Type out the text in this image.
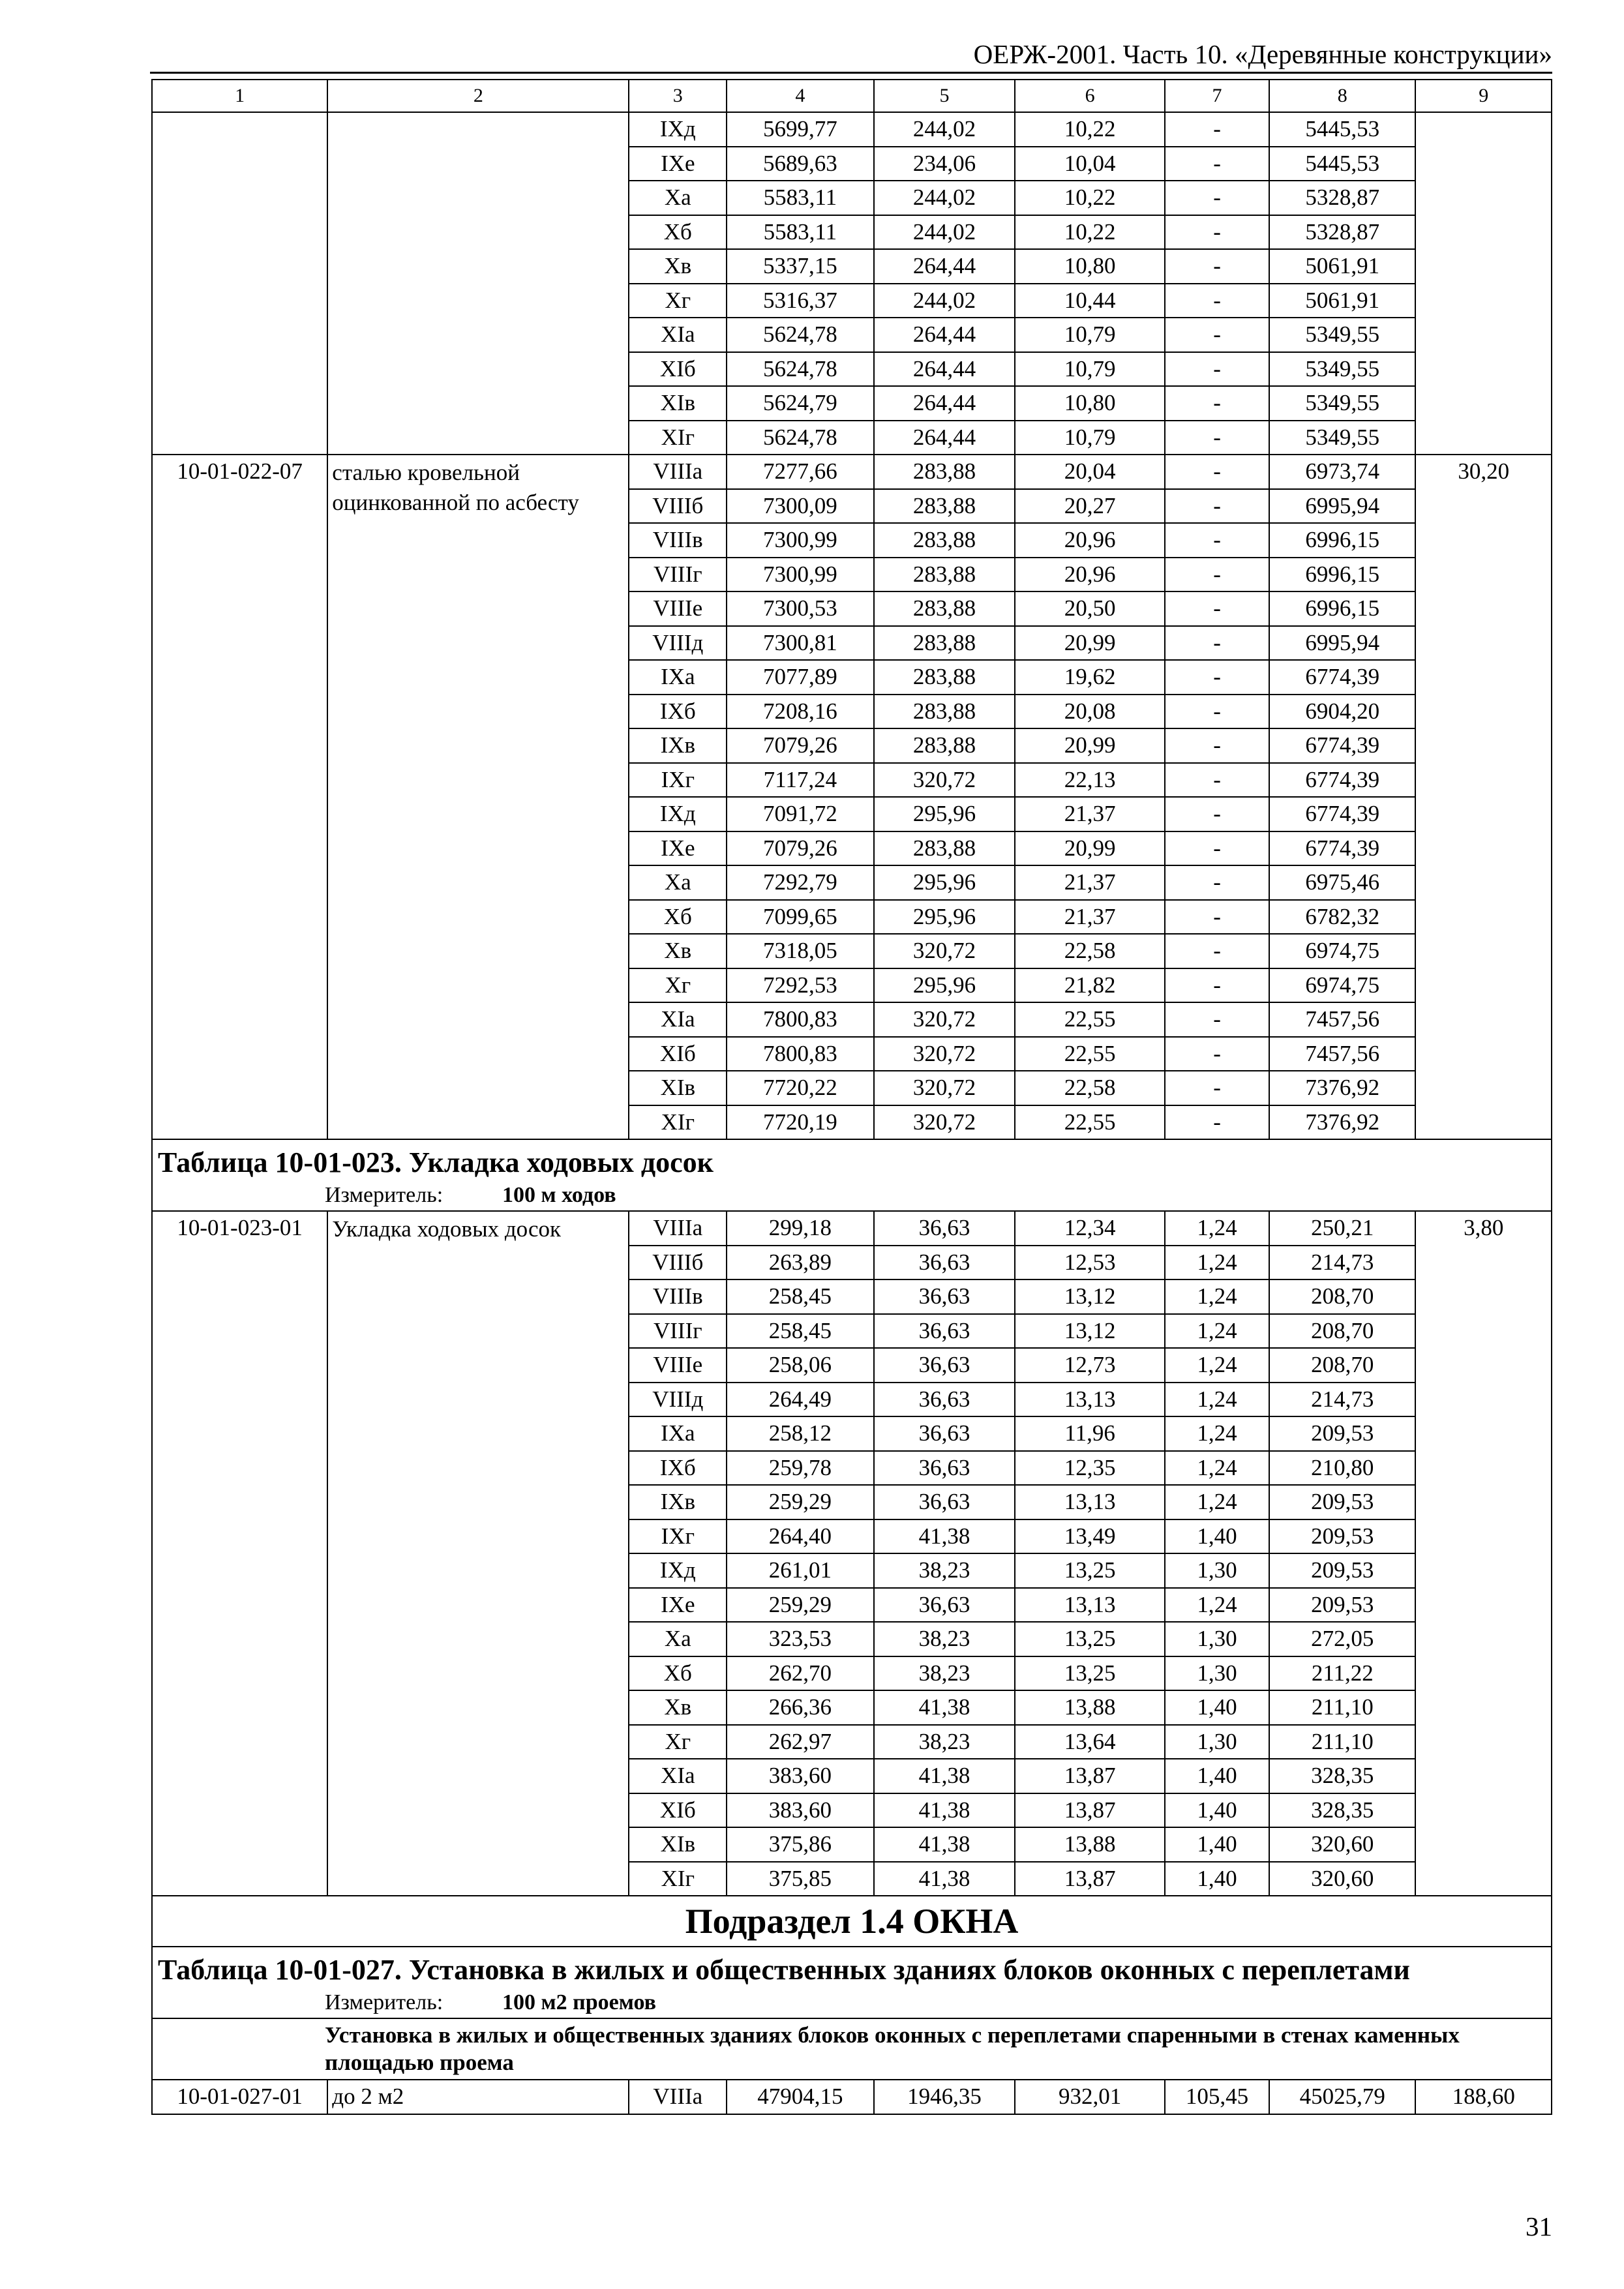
ОЕРЖ-2001. Часть 10. «Деревянные конструкции»
1	2	3	4	5	6	7	8	9
		IXд	5699,77	244,02	10,22	-	5445,53	
		IXе	5689,63	234,06	10,04	-	5445,53	
		Xа	5583,11	244,02	10,22	-	5328,87	
		Xб	5583,11	244,02	10,22	-	5328,87	
		Xв	5337,15	264,44	10,80	-	5061,91	
		Xг	5316,37	244,02	10,44	-	5061,91	
		XIа	5624,78	264,44	10,79	-	5349,55	
		XIб	5624,78	264,44	10,79	-	5349,55	
		XIв	5624,79	264,44	10,80	-	5349,55	
		XIг	5624,78	264,44	10,79	-	5349,55	
10-01-022-07	сталью кровельной оцинкованной по асбесту	VIIIа	7277,66	283,88	20,04	-	6973,74	30,20
		VIIIб	7300,09	283,88	20,27	-	6995,94	
		VIIIв	7300,99	283,88	20,96	-	6996,15	
		VIIIг	7300,99	283,88	20,96	-	6996,15	
		VIIIе	7300,53	283,88	20,50	-	6996,15	
		VIIIд	7300,81	283,88	20,99	-	6995,94	
		IXа	7077,89	283,88	19,62	-	6774,39	
		IXб	7208,16	283,88	20,08	-	6904,20	
		IXв	7079,26	283,88	20,99	-	6774,39	
		IXг	7117,24	320,72	22,13	-	6774,39	
		IXд	7091,72	295,96	21,37	-	6774,39	
		IXе	7079,26	283,88	20,99	-	6774,39	
		Xа	7292,79	295,96	21,37	-	6975,46	
		Xб	7099,65	295,96	21,37	-	6782,32	
		Xв	7318,05	320,72	22,58	-	6974,75	
		Xг	7292,53	295,96	21,82	-	6974,75	
		XIа	7800,83	320,72	22,55	-	7457,56	
		XIб	7800,83	320,72	22,55	-	7457,56	
		XIв	7720,22	320,72	22,58	-	7376,92	
		XIг	7720,19	320,72	22,55	-	7376,92	

Таблица 10-01-023. Укладка ходовых досок
Измеритель: 100 м ходов								

10-01-023-01	Укладка ходовых досок	VIIIа	299,18	36,63	12,34	1,24	250,21	3,80
		VIIIб	263,89	36,63	12,53	1,24	214,73	
		VIIIв	258,45	36,63	13,12	1,24	208,70	
		VIIIг	258,45	36,63	13,12	1,24	208,70	
		VIIIе	258,06	36,63	12,73	1,24	208,70	
		VIIIд	264,49	36,63	13,13	1,24	214,73	
		IXа	258,12	36,63	11,96	1,24	209,53	
		IXб	259,78	36,63	12,35	1,24	210,80	
		IXв	259,29	36,63	13,13	1,24	209,53	
		IXг	264,40	41,38	13,49	1,40	209,53	
		IXд	261,01	38,23	13,25	1,30	209,53	
		IXе	259,29	36,63	13,13	1,24	209,53	
		Xа	323,53	38,23	13,25	1,30	272,05	
		Xб	262,70	38,23	13,25	1,30	211,22	
		Xв	266,36	41,38	13,88	1,40	211,10	
		Xг	262,97	38,23	13,64	1,30	211,10	
		XIа	383,60	41,38	13,87	1,40	328,35	
		XIб	383,60	41,38	13,87	1,40	328,35	
		XIв	375,86	41,38	13,88	1,40	320,60	
		XIг	375,85	41,38	13,87	1,40	320,60	
Подраздел 1.4 ОКНА								

Таблица 10-01-027. Установка в жилых и общественных зданиях блоков оконных с переплетами
Измеритель: 100 м2 проемов								

Установка в жилых и общественных зданиях блоков оконных с переплетами спаренными в стенах каменных площадью проема								
10-01-027-01	до 2 м2	VIIIа	47904,15	1946,35	932,01	105,45	45025,79	188,60
31
